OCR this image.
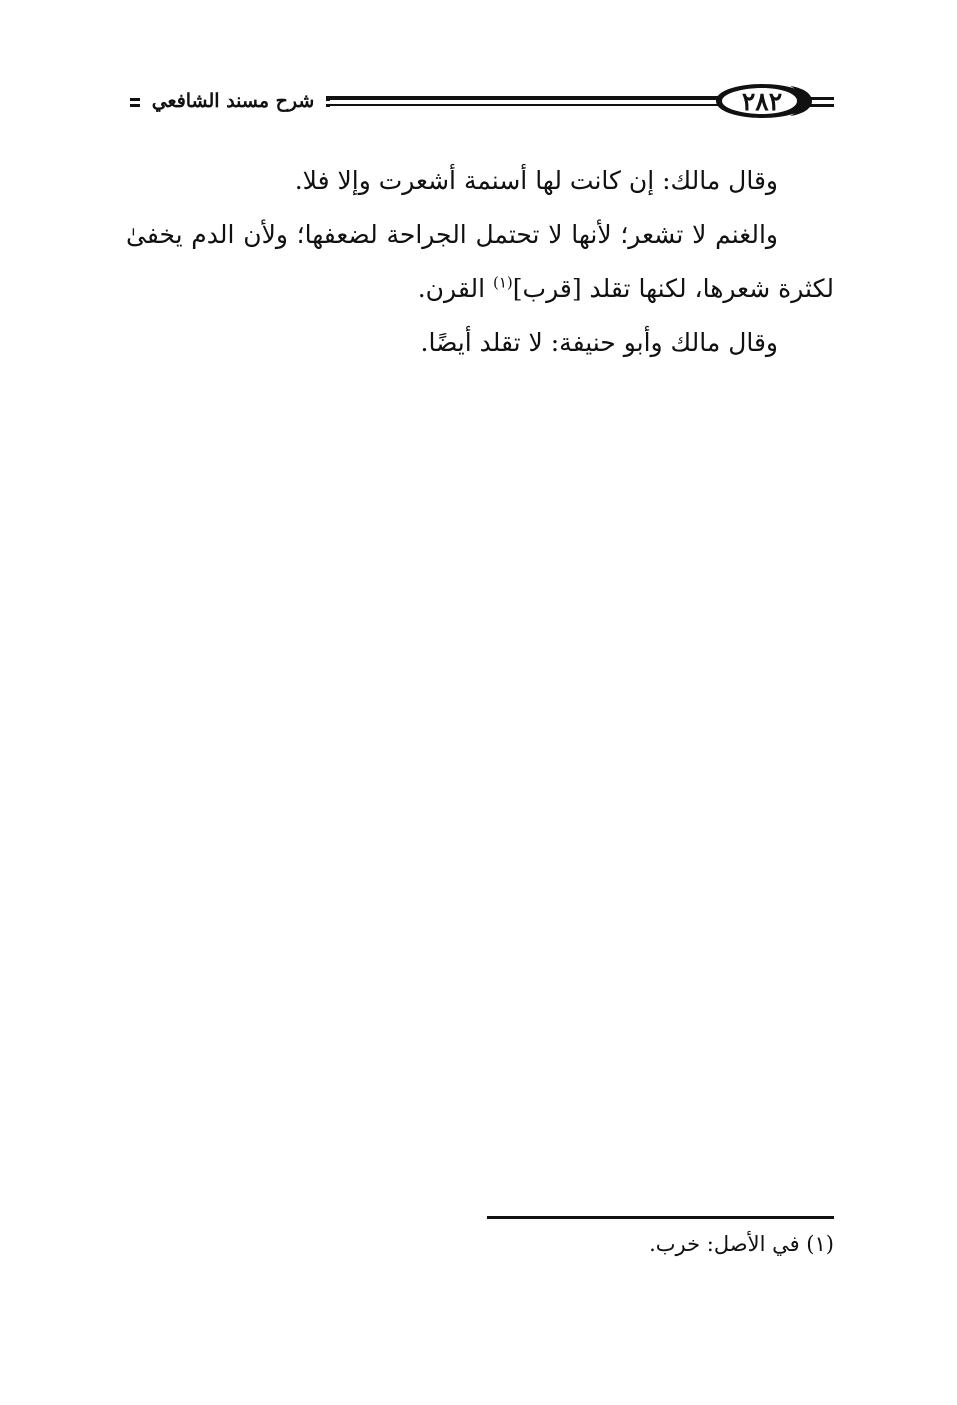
٢٨٢
شرح مسند الشافعي

وقال مالك: إن كانت لها أسنمة أشعرت وإلا فلا.

والغنم لا تشعر؛ لأنها لا تحتمل الجراحة لضعفها؛ ولأن الدم يخفىٰ لكثرة شعرها، لكنها تقلد [قرب]$^{(١)}$ القرن.

وقال مالك وأبو حنيفة: لا تقلد أيضًا.

(١) في الأصل: خرب.
